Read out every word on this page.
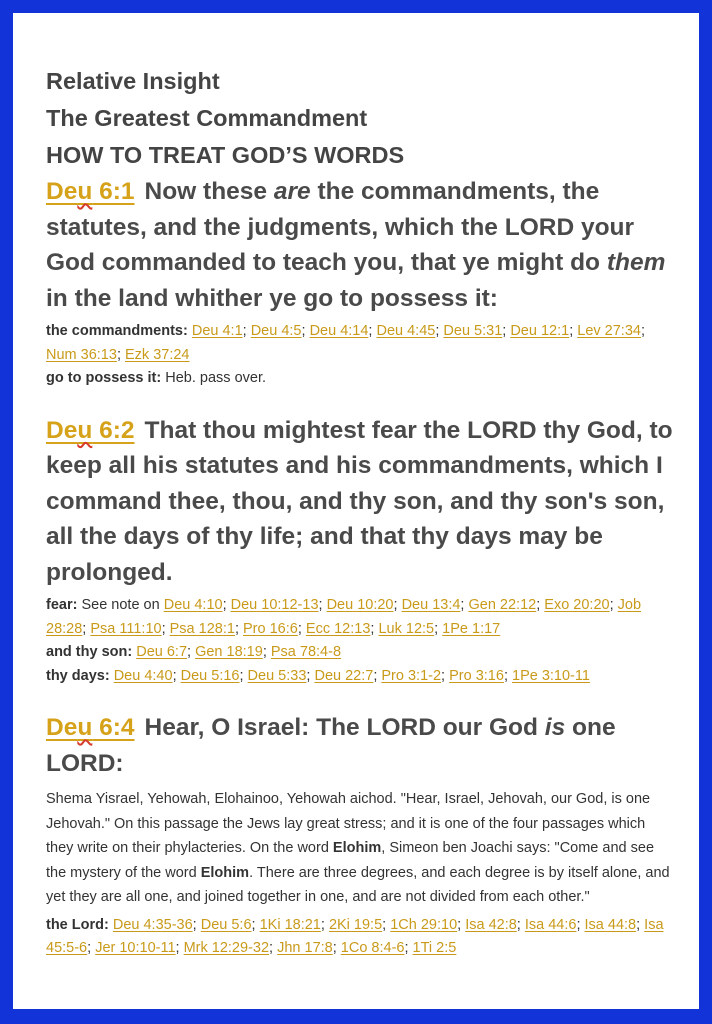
Relative Insight

The Greatest Commandment

HOW TO TREAT GOD’S WORDS

Deu 6:1 Now these are the commandments, the statutes, and the judgments, which the LORD your God commanded to teach you, that ye might do them in the land whither ye go to possess it:

the commandments: Deu 4:1; Deu 4:5; Deu 4:14; Deu 4:45; Deu 5:31; Deu 12:1; Lev 27:34; Num 36:13; Ezk 37:24
go to possess it: Heb. pass over.

Deu 6:2 That thou mightest fear the LORD thy God, to keep all his statutes and his commandments, which I command thee, thou, and thy son, and thy son's son, all the days of thy life; and that thy days may be prolonged.

fear: See note on Deu 4:10; Deu 10:12-13; Deu 10:20; Deu 13:4; Gen 22:12; Exo 20:20; Job 28:28; Psa 111:10; Psa 128:1; Pro 16:6; Ecc 12:13; Luk 12:5; 1Pe 1:17
and thy son: Deu 6:7; Gen 18:19; Psa 78:4-8
thy days: Deu 4:40; Deu 5:16; Deu 5:33; Deu 22:7; Pro 3:1-2; Pro 3:16; 1Pe 3:10-11

Deu 6:4 Hear, O Israel: The LORD our God is one LORD:

Shema Yisrael, Yehowah, Elohainoo, Yehowah aichod. "Hear, Israel, Jehovah, our God, is one Jehovah." On this passage the Jews lay great stress; and it is one of the four passages which they write on their phylacteries. On the word Elohim, Simeon ben Joachi says: "Come and see the mystery of the word Elohim. There are three degrees, and each degree is by itself alone, and yet they are all one, and joined together in one, and are not divided from each other."

the Lord: Deu 4:35-36; Deu 5:6; 1Ki 18:21; 2Ki 19:5; 1Ch 29:10; Isa 42:8; Isa 44:6; Isa 44:8; Isa 45:5-6; Jer 10:10-11; Mrk 12:29-32; Jhn 17:8; 1Co 8:4-6; 1Ti 2:5
